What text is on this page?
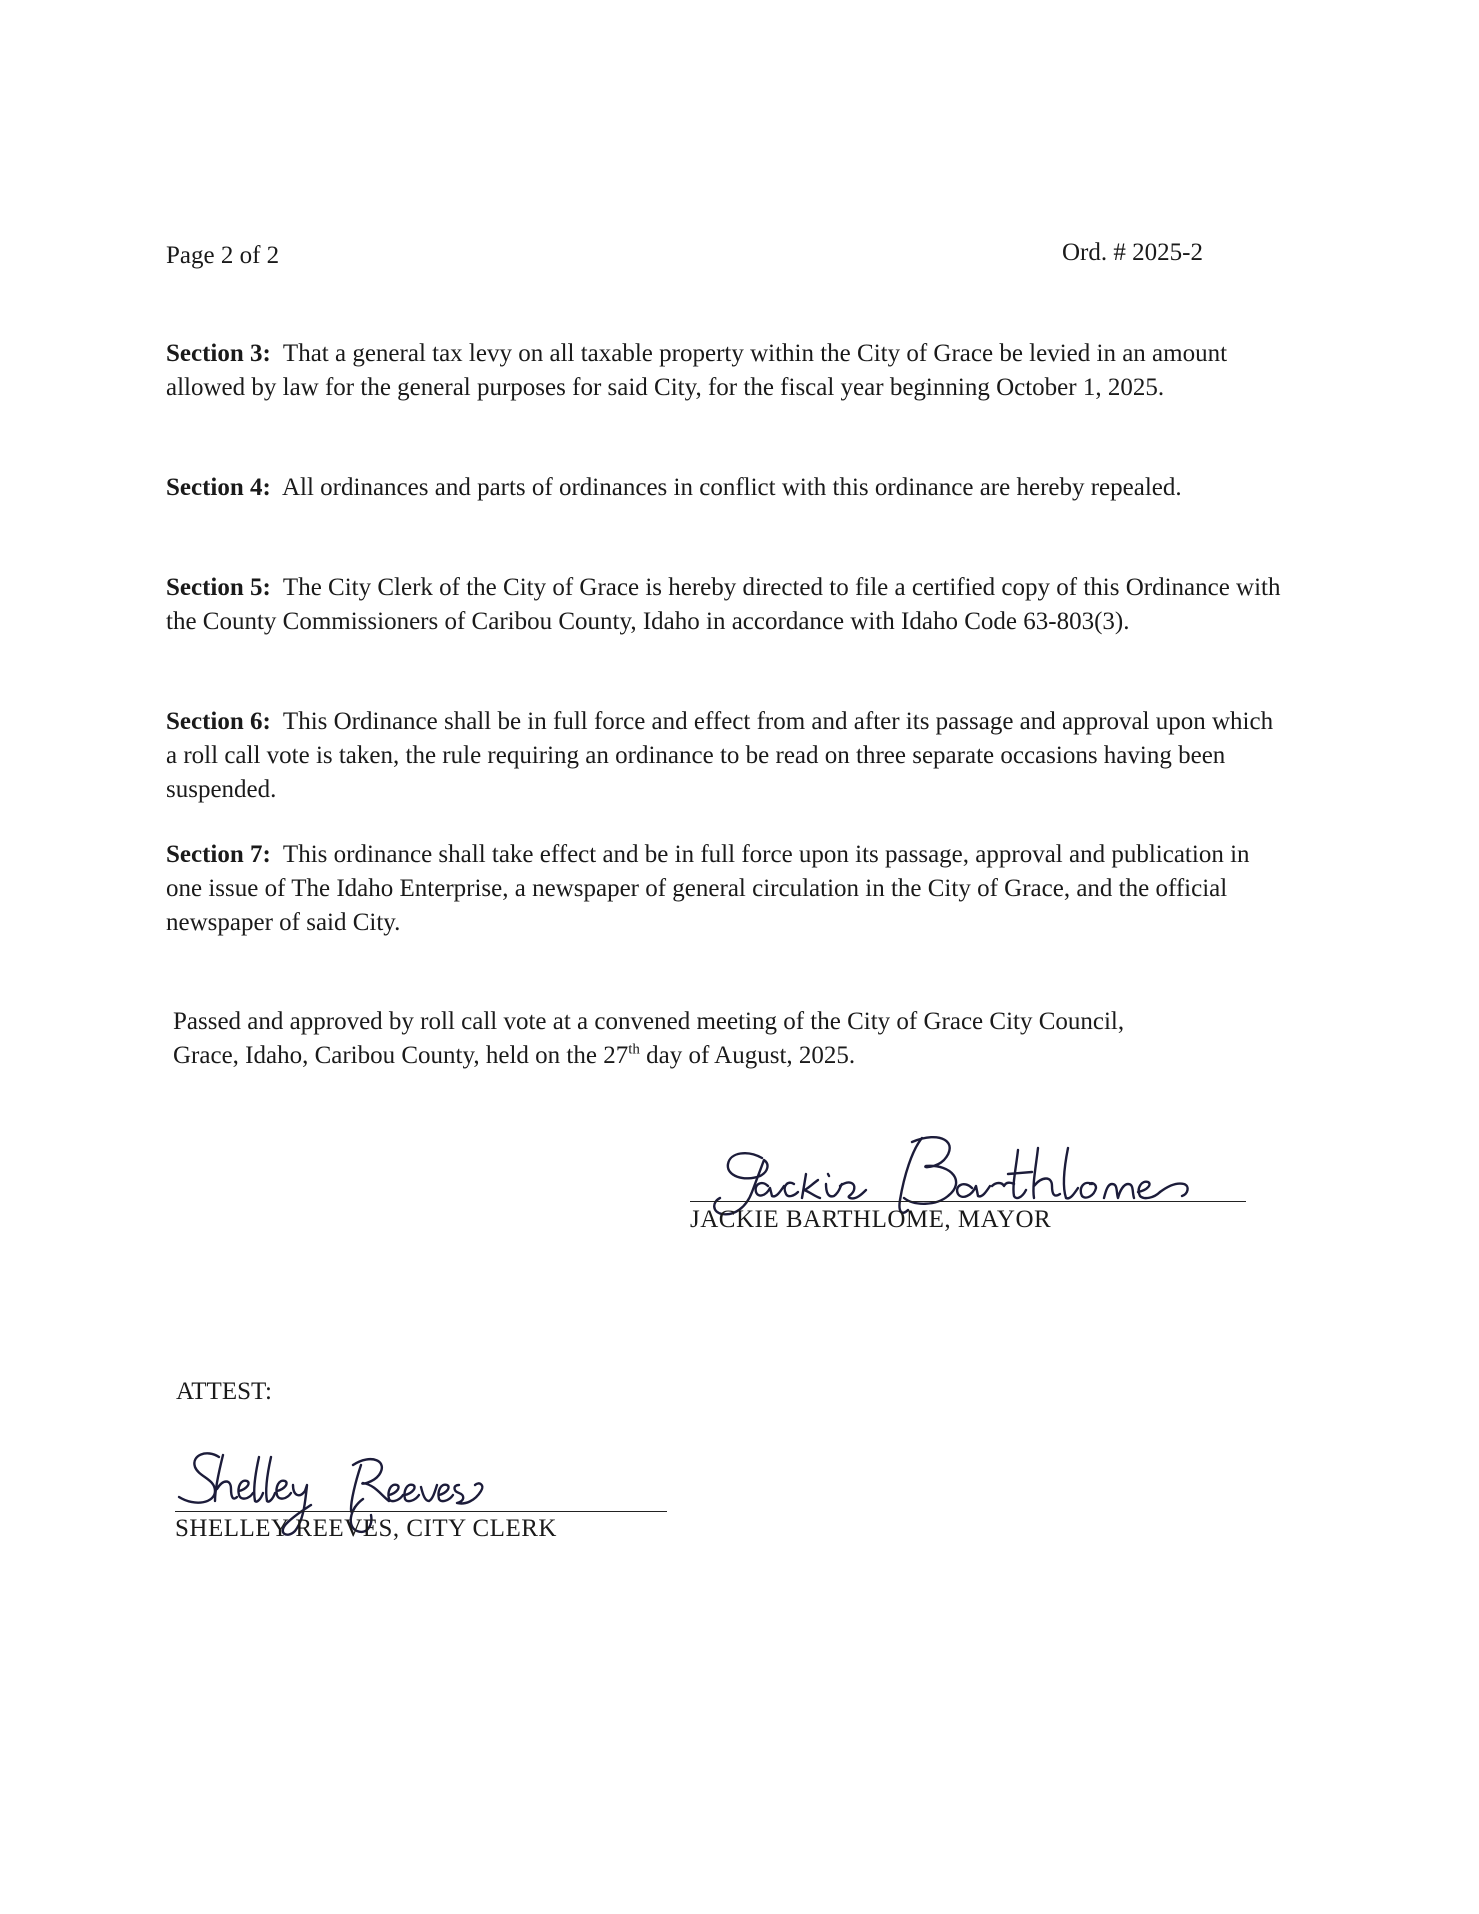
Page 2 of 2	Ord. # 2025-2
Section 3: That a general tax levy on all taxable property within the City of Grace be levied in an amount allowed by law for the general purposes for said City, for the fiscal year beginning October 1, 2025.
Section 4: All ordinances and parts of ordinances in conflict with this ordinance are hereby repealed.
Section 5: The City Clerk of the City of Grace is hereby directed to file a certified copy of this Ordinance with the County Commissioners of Caribou County, Idaho in accordance with Idaho Code 63-803(3).
Section 6: This Ordinance shall be in full force and effect from and after its passage and approval upon which a roll call vote is taken, the rule requiring an ordinance to be read on three separate occasions having been suspended.
Section 7: This ordinance shall take effect and be in full force upon its passage, approval and publication in one issue of The Idaho Enterprise, a newspaper of general circulation in the City of Grace, and the official newspaper of said City.
Passed and approved by roll call vote at a convened meeting of the City of Grace City Council,
Grace, Idaho, Caribou County, held on the 27th day of August, 2025.
JACKIE BARTHLOME, MAYOR
ATTEST:
SHELLEY REEVES, CITY CLERK
